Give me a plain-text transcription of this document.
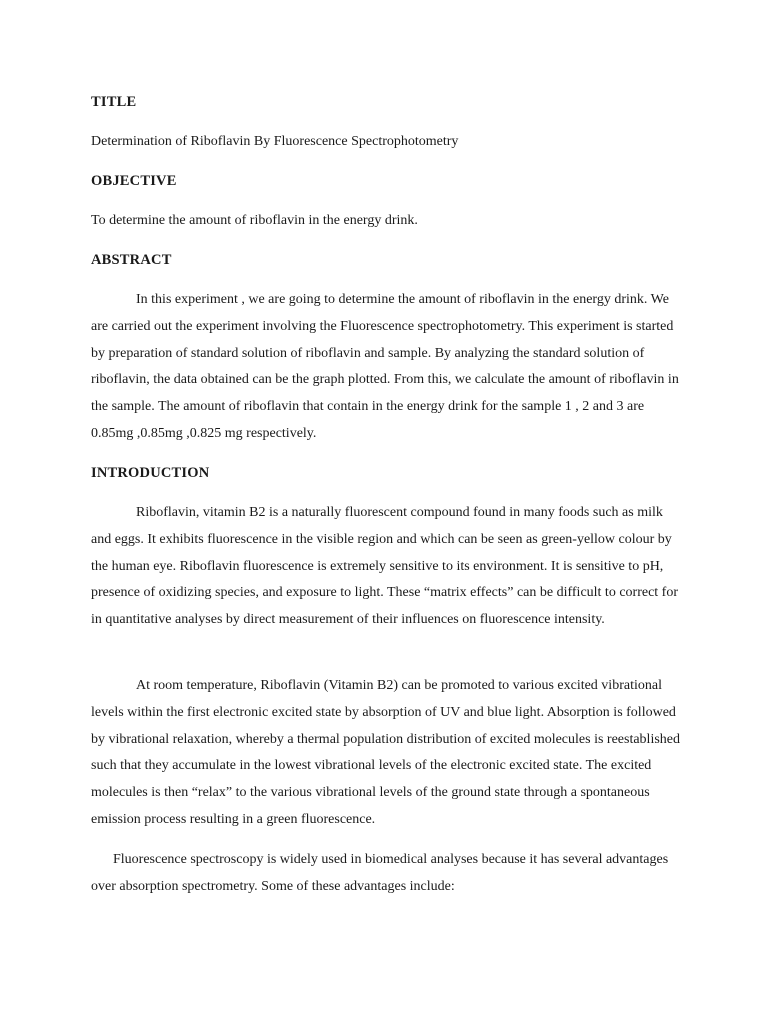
TITLE

Determination of Riboflavin By Fluorescence Spectrophotometry

OBJECTIVE

To determine the amount of riboflavin in the energy drink.

ABSTRACT

In this experiment , we are going to determine the amount of riboflavin in the energy drink. We are carried out the experiment involving the Fluorescence spectrophotometry. This experiment is started by preparation of standard solution of riboflavin and sample. By analyzing the standard solution of riboflavin, the data obtained can be the graph plotted. From this, we calculate the amount of riboflavin in the sample. The amount of riboflavin that contain in the energy drink for the sample 1 , 2 and 3 are 0.85mg ,0.85mg ,0.825 mg respectively.

INTRODUCTION

Riboflavin, vitamin B2 is a naturally fluorescent compound found in many foods such as milk and eggs. It exhibits fluorescence in the visible region and which can be seen as green-yellow colour by the human eye. Riboflavin fluorescence is extremely sensitive to its environment. It is sensitive to pH, presence of oxidizing species, and exposure to light. These “matrix effects” can be difficult to correct for in quantitative analyses by direct measurement of their influences on fluorescence intensity.

At room temperature, Riboflavin (Vitamin B2) can be promoted to various excited vibrational levels within the first electronic excited state by absorption of UV and blue light. Absorption is followed by vibrational relaxation, whereby a thermal population distribution of excited molecules is reestablished such that they accumulate in the lowest vibrational levels of the electronic excited state. The excited molecules is then “relax” to the various vibrational levels of the ground state through a spontaneous emission process resulting in a green fluorescence.

Fluorescence spectroscopy is widely used in biomedical analyses because it has several advantages over absorption spectrometry. Some of these advantages include:
